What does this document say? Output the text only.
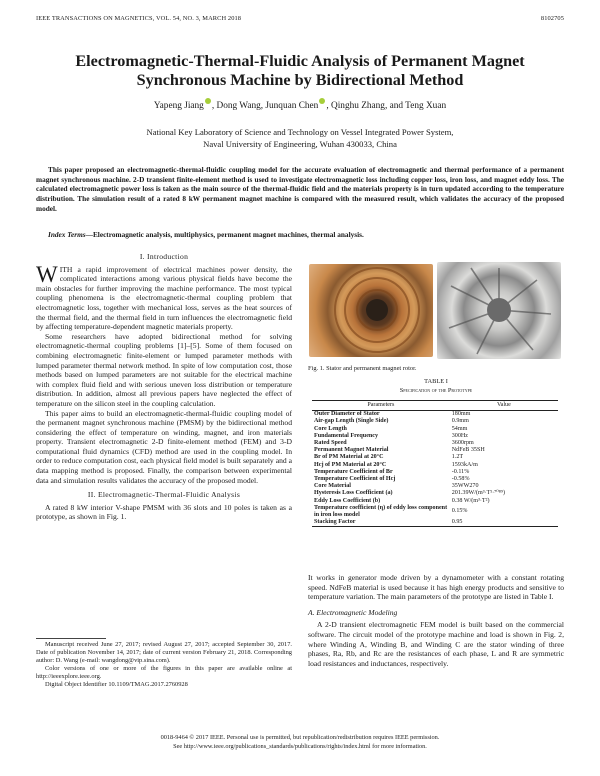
IEEE TRANSACTIONS ON MAGNETICS, VOL. 54, NO. 3, MARCH 2018	8102705
Electromagnetic-Thermal-Fluidic Analysis of Permanent Magnet Synchronous Machine by Bidirectional Method
Yapeng Jiang , Dong Wang, Junquan Chen , Qinghu Zhang, and Teng Xuan
National Key Laboratory of Science and Technology on Vessel Integrated Power System,
Naval University of Engineering, Wuhan 430033, China
This paper proposed an electromagnetic-thermal-fluidic coupling model for the accurate evaluation of electromagnetic and thermal performance of a permanent magnet synchronous machine. 2-D transient finite-element method is used to investigate electromagnetic loss including copper loss, iron loss, and magnet eddy loss. The calculated electromagnetic power loss is taken as the main source of the thermal-fluidic field and the materials property is in turn updated according to the temperature distribution. The simulation result of a rated 8 kW permanent magnet machine is compared with the measured result, which validates the accuracy of the proposed model.
Index Terms—Electromagnetic analysis, multiphysics, permanent magnet machines, thermal analysis.
I. Introduction

WITH a rapid improvement of electrical machines power density, the complicated interactions among various physical fields have become the main obstacles for further improving the machine performance. The most typical coupling phenomena is the electromagnetic-thermal coupling problem that electromagnetic loss, together with mechanical loss, serves as the heat sources of the thermal field, and the thermal field in turn influences the electromagnetic field by affecting temperature-dependent magnetic materials property.

Some researchers have adopted bidirectional method for solving electromagnetic-thermal coupling problems [1]–[5]. Some of them focused on combining electromagnetic finite-element or lumped parameter methods with lumped parameter thermal network method. In spite of low computation cost, those methods based on lumped parameters are not suitable for the electrical machine with complex fluid field and with serious uneven loss distribution or temperature distribution. In addition, almost all previous papers have neglected the effect of temperature on the silicon steel in the coupling calculation.

This paper aims to build an electromagnetic-thermal-fluidic coupling model of the permanent magnet synchronous machine (PMSM) by the bidirectional method considering the effect of temperature on winding, magnet, and iron materials property. Transient electromagnetic 2-D finite-element method (FEM) and 3-D computational fluid dynamics (CFD) method are used in the coupling model. In order to reduce computation cost, each physical field model is built separately and a data mapping method is proposed. Finally, the comparison between experimental data and simulation results validates the accuracy of the proposed model.

II. Electromagnetic-Thermal-Fluidic Analysis

A rated 8 kW interior V-shape PMSM with 36 slots and 10 poles is taken as a prototype, as shown in Fig. 1.

Manuscript received June 27, 2017; revised August 27, 2017; accepted September 30, 2017. Date of publication November 14, 2017; date of current version February 21, 2018. Corresponding author: D. Wang (e-mail: wangdong@vip.sina.com).
Color versions of one or more of the figures in this paper are available online at http://ieeexplore.ieee.org.
Digital Object Identifier 10.1109/TMAG.2017.2760928
Fig. 1. Stator and permanent magnet rotor.
TABLE I
Specification of the Prototype
Parameters	Value
Outer Diameter of Stator	180mm
Air-gap Length (Single Side)	0.9mm
Core Length	54mm
Fundamental Frequency	300Hz
Rated Speed	3600rpm
Permanent Magnet Material	NdFeB 35SH
Br of PM Material at 20°C	1.2T
Hcj of PM Material at 20°C	1593kA/m
Temperature Coefficient of Br	-0.11%
Temperature Coefficient of Hcj	-0.58%
Core Material	35WW270
Hysteresis Loss Coefficient (a)	201.39W/(m³·T¹·⁷⁰⁸⁹)
Eddy Loss Coefficient (b)	0.38 W/(m³·T²)
Temperature coefficient (η) of eddy loss component in iron loss model	0.15%
Stacking Factor	0.95

It works in generator mode driven by a dynamometer with a constant rotating speed. NdFeB material is used because it has high energy products and sensitive to temperature variation. The main parameters of the prototype are listed in Table I.

A. Electromagnetic Modeling

A 2-D transient electromagnetic FEM model is built based on the commercial software. The circuit model of the prototype machine and load is shown in Fig. 2, where Winding A, Winding B, and Winding C are the stator winding of three phases, Ra, Rb, and Rc are the resistances of each phase, L and R are symmetric load resistances and inductances, respectively.

0018-9464 © 2017 IEEE. Personal use is permitted, but republication/redistribution requires IEEE permission.
See http://www.ieee.org/publications_standards/publications/rights/index.html for more information.
